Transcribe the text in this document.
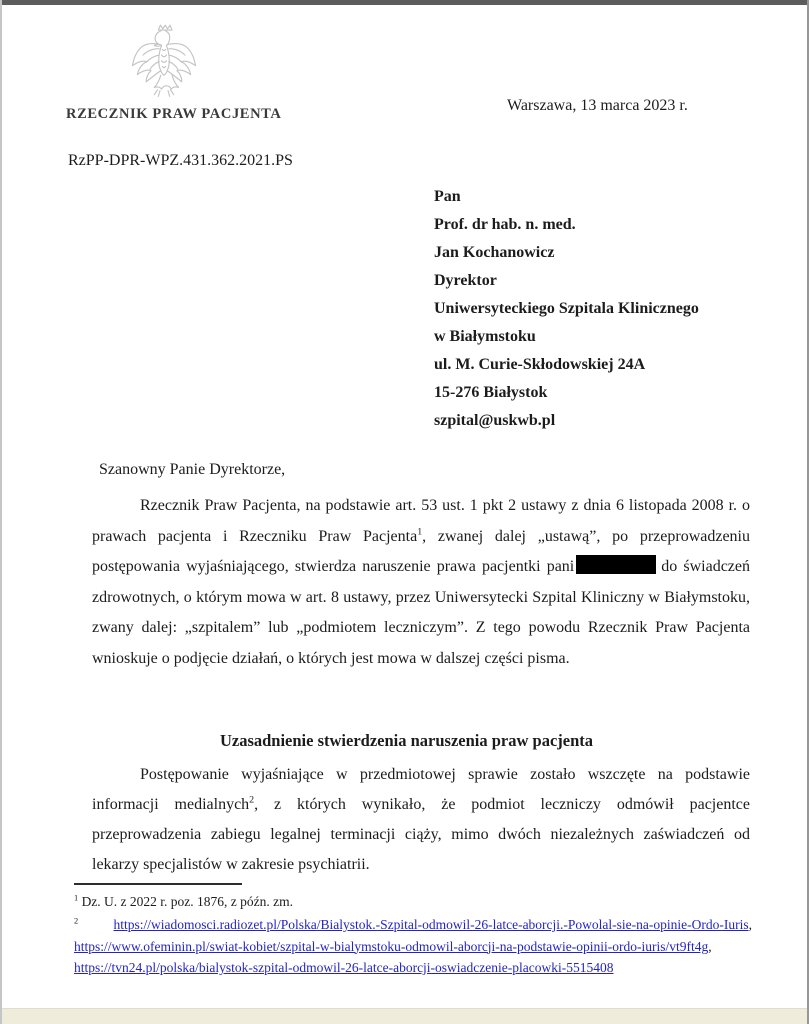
RZECZNIK PRAW PACJENTA	Warszawa, 13 marca 2023 r.
RzPP-DPR-WPZ.431.362.2021.PS
Pan
Prof. dr hab. n. med.
Jan Kochanowicz
Dyrektor
Uniwersyteckiego Szpitala Klinicznego
w Białymstoku
ul. M. Curie-Skłodowskiej 24A
15-276 Białystok
szpital@uskwb.pl
Szanowny Panie Dyrektorze,
Rzecznik Praw Pacjenta, na podstawie art. 53 ust. 1 pkt 2 ustawy z dnia 6 listopada 2008 r. o prawach pacjenta i Rzeczniku Praw Pacjenta$^1$, zwanej dalej „ustawą”, po przeprowadzeniu postępowania wyjaśniającego, stwierdza naruszenie prawa pacjentki pani	do świadczeń zdrowotnych, o którym mowa w art. 8 ustawy, przez Uniwersytecki Szpital Kliniczny w Białymstoku, zwany dalej: „szpitalem” lub „podmiotem leczniczym”. Z tego powodu Rzecznik Praw Pacjenta wnioskuje o podjęcie działań, o których jest mowa w dalszej części pisma.
Uzasadnienie stwierdzenia naruszenia praw pacjenta
Postępowanie wyjaśniające w przedmiotowej sprawie zostało wszczęte na podstawie informacji medialnych$^2$, z których wynikało, że podmiot leczniczy odmówił pacjentce przeprowadzenia zabiegu legalnej terminacji ciąży, mimo dwóch niezależnych zaświadczeń od lekarzy specjalistów w zakresie psychiatrii.
$^1$ Dz. U. z 2022 r. poz. 1876, z późn. zm.
$^2$	https://wiadomosci.radiozet.pl/Polska/Bialystok.-Szpital-odmowil-26-latce-aborcji.-Powolal-sie-na-opinie-Ordo-Iuris, https://www.ofeminin.pl/swiat-kobiet/szpital-w-bialymstoku-odmowil-aborcji-na-podstawie-opinii-ordo-iuris/vt9ft4g, https://tvn24.pl/polska/bialystok-szpital-odmowil-26-latce-aborcji-oswiadczenie-placowki-5515408
